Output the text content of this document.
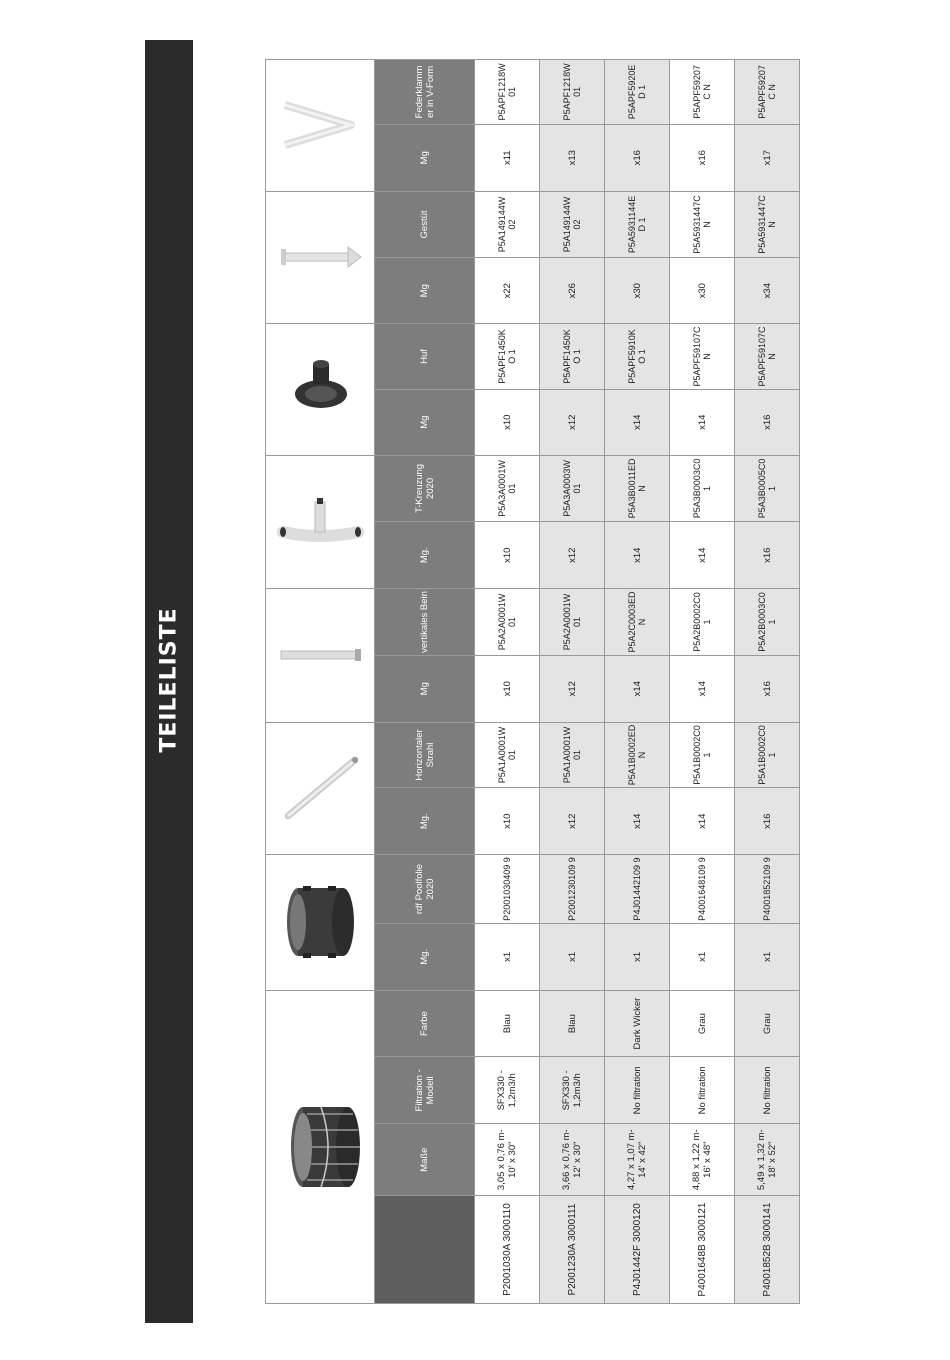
TEILELISTE

	Maße	Filtration - Modell	Farbe	Mg.	rdf Poolfolie 2020	Mg.	Horizontaler Strahl	Mg	vertikales Bein	Mg.	T-Kreuzung 2020	Mg	Huf	Mg	Gestüt	Mg	Federklamm er in V-Form
P2001030A 3000110	3,05 x 0,76 m- 10' x 30"	SFX330 - 1,2m3/h	Blau	x1	P2001030409 9	x10	P5A1A0001W 01	x10	P5A2A0001W 01	x10	P5A3A0001W 01	x10	P5APF1450KO 1	x22	P5A149144W 02	x11	P5APF1218W 01
P2001230A 3000111	3,66 x 0,76 m- 12' x 30"	SFX330 - 1,2m3/h	Blau	x1	P2001230109 9	x12	P5A1A0001W 01	x12	P5A2A0001W 01	x12	P5A3A0003W 01	x12	P5APF1450KO 1	x26	P5A149144W 02	x13	P5APF1218W 01
P4J01442F 3000120	4,27 x 1,07 m- 14' x 42"	No filtration	Dark Wicker	x1	P4J01442109 9	x14	P5A1B0002ED N	x14	P5A2C0003ED N	x14	P5A3B0011ED N	x14	P5APF5910KO 1	x30	P5A5931144ED 1	x16	P5APF5920ED 1
P4001648B 3000121	4,88 x 1,22 m- 16' x 48"	No filtration	Grau	x1	P4001648109 9	x14	P5A1B0002C0 1	x14	P5A2B0002C0 1	x14	P5A3B0003C0 1	x14	P5APF59107C N	x30	P5A5931447C N	x16	P5APF59207C N
P4001852B 3000141	5,49 x 1,32 m- 18' x 52"	No filtration	Grau	x1	P4001852109 9	x16	P5A1B0002C0 1	x16	P5A2B0003C0 1	x16	P5A3B0005C0 1	x16	P5APF59107C N	x34	P5A5931447C N	x17	P5APF59207C N
